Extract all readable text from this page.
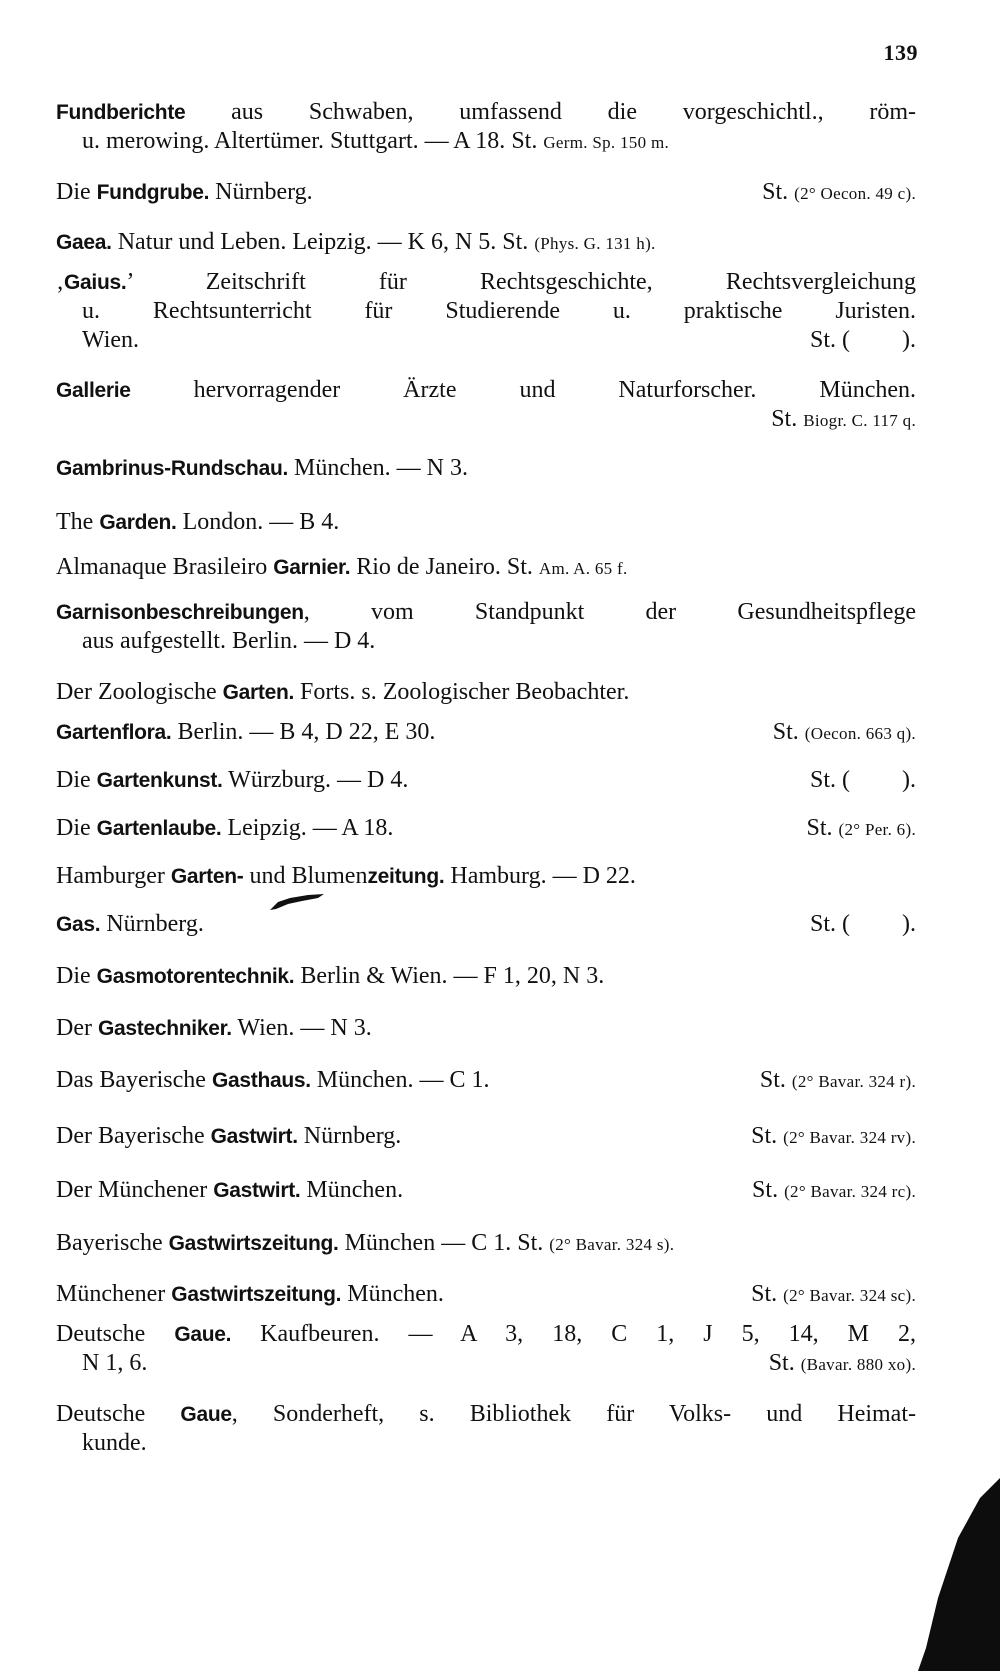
139
Fundberichte aus Schwaben, umfassend die vorgeschichtl., röm-
u. merowing. Altertümer. Stuttgart. — A 18. St. Germ. Sp. 150 m.
Die Fundgrube. Nürnberg.	St. (2° Oecon. 49 c).

Gaea. Natur und Leben. Leipzig. — K 6, N 5. St. (Phys. G. 131 h).
‚Gaius.’ Zeitschrift für Rechtsgeschichte, Rechtsvergleichung
u. Rechtsunterricht für Studierende u. praktische Juristen.
Wien.	St. ( ).

Gallerie hervorragender Ärzte und Naturforscher. München.
St. Biogr. C. 117 q.

Gambrinus-Rundschau. München. — N 3.
The Garden. London. — B 4.
Almanaque Brasileiro Garnier. Rio de Janeiro. St. Am. A. 65 f.
Garnisonbeschreibungen, vom Standpunkt der Gesundheitspflege
aus aufgestellt. Berlin. — D 4.
Der Zoologische Garten. Forts. s. Zoologischer Beobachter.
Gartenflora. Berlin. — B 4, D 22, E 30.	St. (Oecon. 663 q).

Die Gartenkunst. Würzburg. — D 4.	St. ( ).

Die Gartenlaube. Leipzig. — A 18.	St. (2° Per. 6).

Hamburger Garten- und Blumenzeitung. Hamburg. — D 22.
Gas. Nürnberg.	St. ( ).

Die Gasmotorentechnik. Berlin & Wien. — F 1, 20, N 3.
Der Gastechniker. Wien. — N 3.
Das Bayerische Gasthaus. München. — C 1.	St. (2° Bavar. 324 r).

Der Bayerische Gastwirt. Nürnberg.	St. (2° Bavar. 324 rv).

Der Münchener Gastwirt. München.	St. (2° Bavar. 324 rc).

Bayerische Gastwirtszeitung. München — C 1. St. (2° Bavar. 324 s).
Münchener Gastwirtszeitung. München.	St. (2° Bavar. 324 sc).

Deutsche Gaue. Kaufbeuren. — A 3, 18, C 1, J 5, 14, M 2,
N 1, 6.	St. (Bavar. 880 xo).

Deutsche Gaue, Sonderheft, s. Bibliothek für Volks- und Heimat-
kunde.
